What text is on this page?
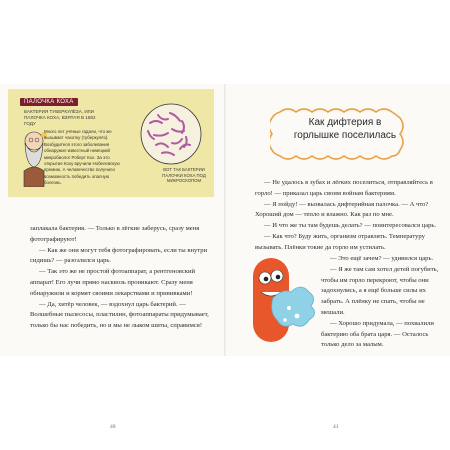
ПАЛОЧКА КОХА
БАКТЕРИЯ ТУБЕРКУЛЁЗА, ИЛИ ПАЛОЧКА КОХА, ВЗЯТАЯ В 1882 ГОДУ
Много лет учёные гадали, что же вызывает чахотку (туберкулёз). Возбудителя этого заболевания обнаружил известный немецкий микробиолог Роберт Кох. За это открытие Коху вручили Нобелевскую премию. А человечество получило возможность победить опасную болезнь.
ВОТ ТАК БАКТЕРИИ ПАЛОЧКИ КОХА ПОД МИКРОСКОПОМ

заплакала бактерия. — Только в лёгкие заберусь, сразу меня фотографируют!

— Как же они могут тебя фотографировать, если ты внутри сидишь? — разозлился царь.

— Так это же не простой фотоаппарат, а рентгеновский аппарат! Его лучи прямо насквозь проникают. Сразу меня обнаружили и кормят своими лекарствами и прививками!

— Да, хитёр человек, — вздохнул царь бактерий. — Волшебные пылесосы, пластилин, фотоаппараты придумывает, только бы нас победить, но и мы не лыком шиты, справимся!

40
Как дифтерия в горлышке поселилась

— Не удалось в зубах и лёгких поселиться, отправляйтесь в горло! — приказал царь своим войнам бактериям.

— Я пойду! — вызвалась дифтерийная палочка. — А что? Хороший дом — тепло и влажно. Как раз по мне.

— И что же ты там будешь делать? — поинтересовался царь.

— Как что? Буду жить, организм отравлять. Температуру вызывать. Плёнки токие да горло им устилать.

— Это ещё зачем? — удивился царь.

— Я же там сам хотел детей погубить, чтобы им горло перекроют, чтобы они задохнулись, а я ещё больше силы их забрать. А плёнку не спать, чтобы не мешали.

— Хорошо придумала, — похвалили бактерию оба брата царя. — Осталось только дело за малым.

41
